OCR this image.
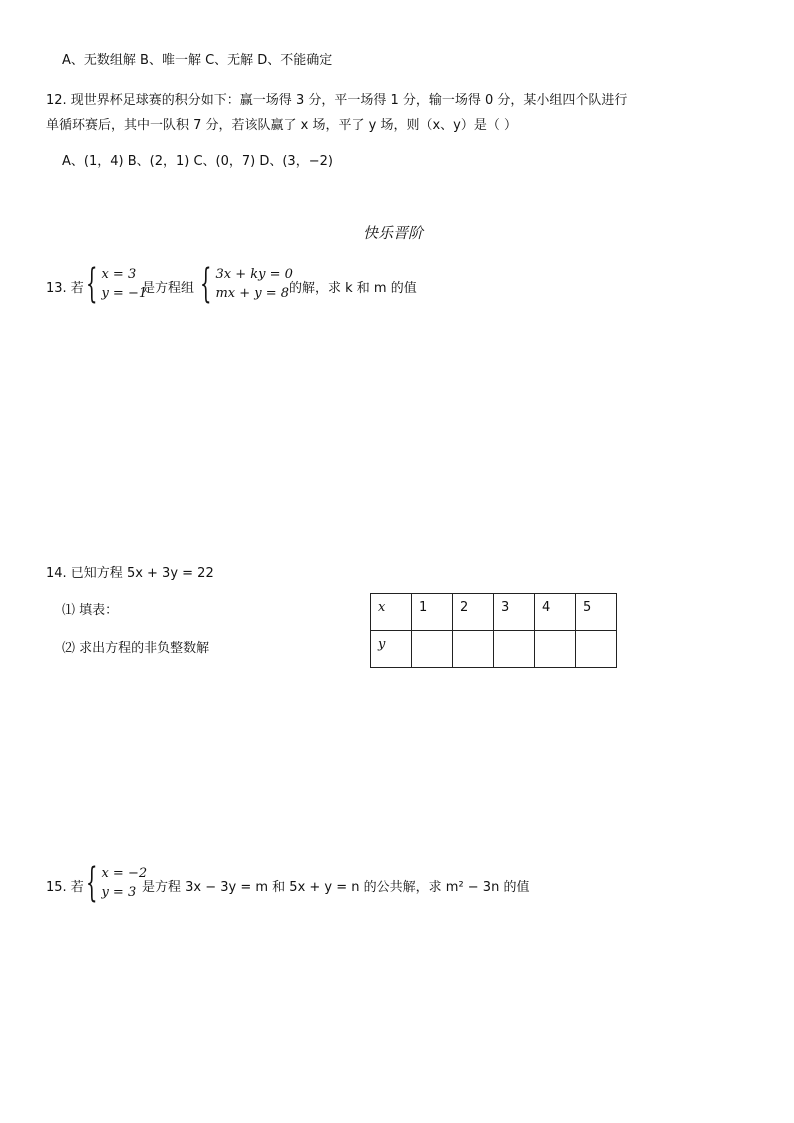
A、无数组解 B、唯一解 C、无解 D、不能确定
12. 现世界杯足球赛的积分如下：赢一场得 3 分，平一场得 1 分，输一场得 0 分，某小组四个队进行
单循环赛后，其中一队积 7 分，若该队赢了 x 场，平了 y 场，则（x、y）是（ ）
A、(1，4) B、(2，1) C、(0，7) D、(3，−2)
快乐晋阶
13. 若 { x = 3
y = −1
是方程组 { 3x + ky = 0
mx + y = 8 的解，求 k 和 m 的值
14. 已知方程 5x + 3y = 22
⑴ 填表：
⑵ 求出方程的非负整数解
x	1	2	3	4	5
y					
15. 若 { x = −2
y = 3 是方程 3x − 3y = m 和 5x + y = n 的公共解，求 m² − 3n 的值
